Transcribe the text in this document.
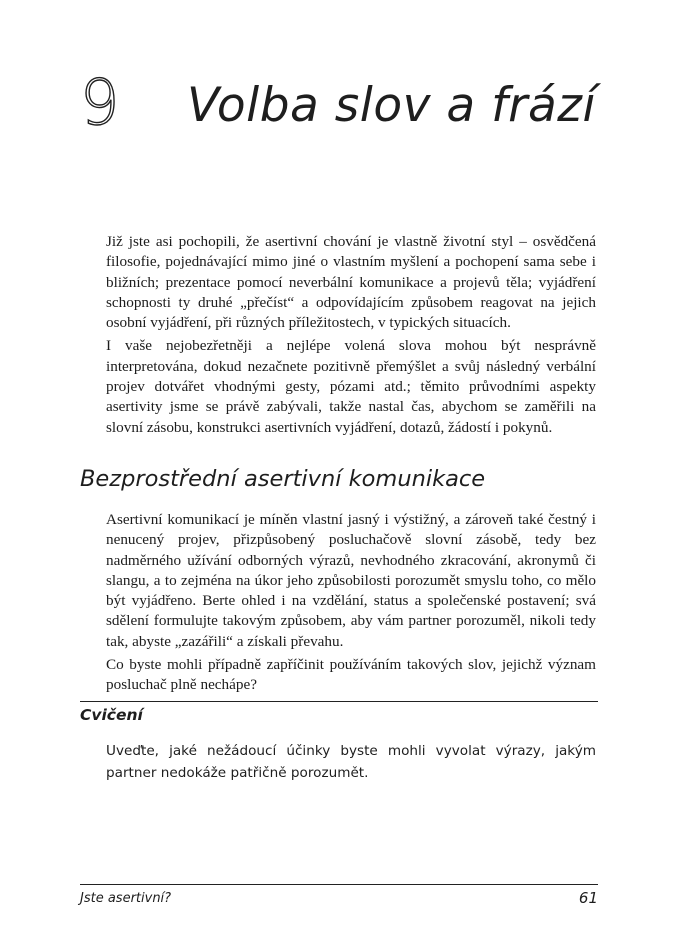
9 Volba slov a frází

Již jste asi pochopili, že asertivní chování je vlastně životní styl – osvědčená filosofie, pojednávající mimo jiné o vlastním myšlení a pochopení sama sebe i bližních; prezentace pomocí neverbální komunikace a projevů těla; vyjádření schopnosti ty druhé „přečíst“ a odpovídajícím způsobem reagovat na jejich osobní vyjádření, při různých příležitostech, v typických situacích.

I vaše nejobezřetněji a nejlépe volená slova mohou být nesprávně interpretována, dokud nezačnete pozitivně přemýšlet a svůj následný verbální projev dotvářet vhodnými gesty, pózami atd.; těmito průvodními aspekty asertivity jsme se právě zabývali, takže nastal čas, abychom se zaměřili na slovní zásobu, konstrukci asertivních vyjádření, dotazů, žádostí i pokynů.

Bezprostřední asertivní komunikace

Asertivní komunikací je míněn vlastní jasný i výstižný, a zároveň také čestný i nenucený projev, přizpůsobený posluchačově slovní zásobě, tedy bez nadměrného užívání odborných výrazů, nevhodného zkracování, akronymů či slangu, a to zejména na úkor jeho způsobilosti porozumět smyslu toho, co mělo být vyjádřeno. Berte ohled i na vzdělání, status a společenské postavení; svá sdělení formulujte takovým způsobem, aby vám partner porozuměl, nikoli tedy tak, abyste „zazářili“ a získali převahu.

Co byste mohli případně zapříčinit používáním takových slov, jejichž význam posluchač plně nechápe?

Cvičení
Uveďte, jaké nežádoucí účinky byste mohli vyvolat výrazy, jakým partner nedokáže patřičně porozumět.
Jste asertivní?	61
